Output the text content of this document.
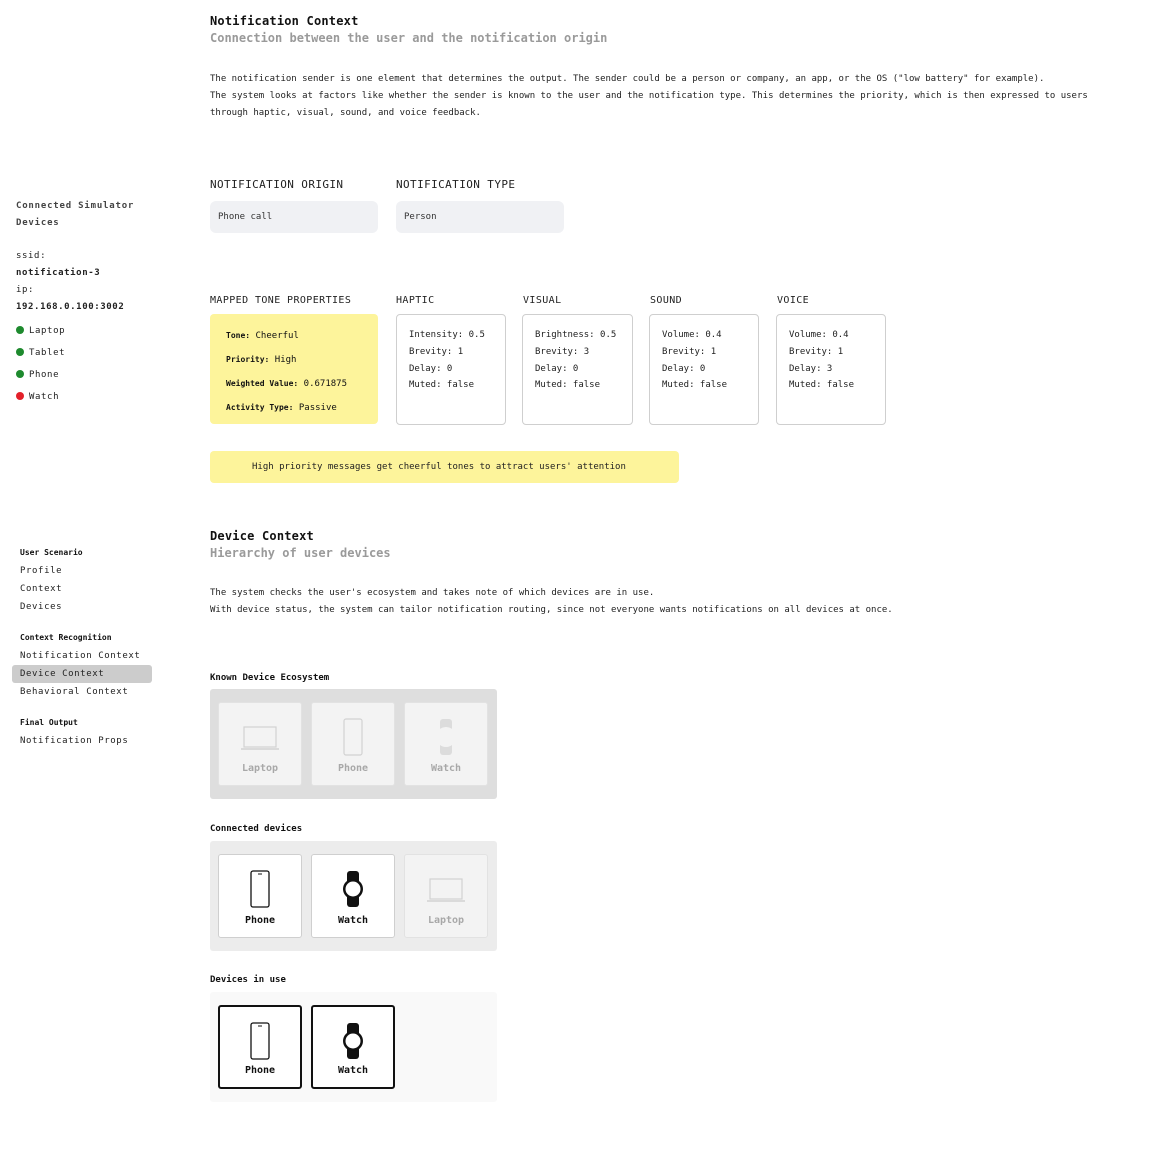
Connected Simulator
Devices
ssid:
notification-3
ip:
192.168.0.100:3002
Laptop
Tablet
Phone
Watch
User Scenario
Profile
Context
Devices
Context Recognition
Notification Context
Device Context
Behavioral Context
Final Output
Notification Props
Notification Context
Connection between the user and the notification origin
The notification sender is one element that determines the output. The sender could be a person or company, an app, or the OS ("low battery" for example).
The system looks at factors like whether the sender is known to the user and the notification type. This determines the priority, which is then expressed to users
through haptic, visual, sound, and voice feedback.
NOTIFICATION ORIGIN
Phone call
NOTIFICATION TYPE
Person
MAPPED TONE PROPERTIES
Tone: Cheerful
Priority: High
Weighted Value: 0.671875
Activity Type: Passive
HAPTIC
Intensity: 0.5
Brevity: 1
Delay: 0
Muted: false
VISUAL
Brightness: 0.5
Brevity: 3
Delay: 0
Muted: false
SOUND
Volume: 0.4
Brevity: 1
Delay: 0
Muted: false
VOICE
Volume: 0.4
Brevity: 1
Delay: 3
Muted: false
High priority messages get cheerful tones to attract users' attention
Device Context
Hierarchy of user devices
The system checks the user's ecosystem and takes note of which devices are in use.
With device status, the system can tailor notification routing, since not everyone wants notifications on all devices at once.
Known Device Ecosystem
Laptop	Phone	Watch
Connected devices
Phone	Watch	Laptop
Devices in use
Phone	Watch
